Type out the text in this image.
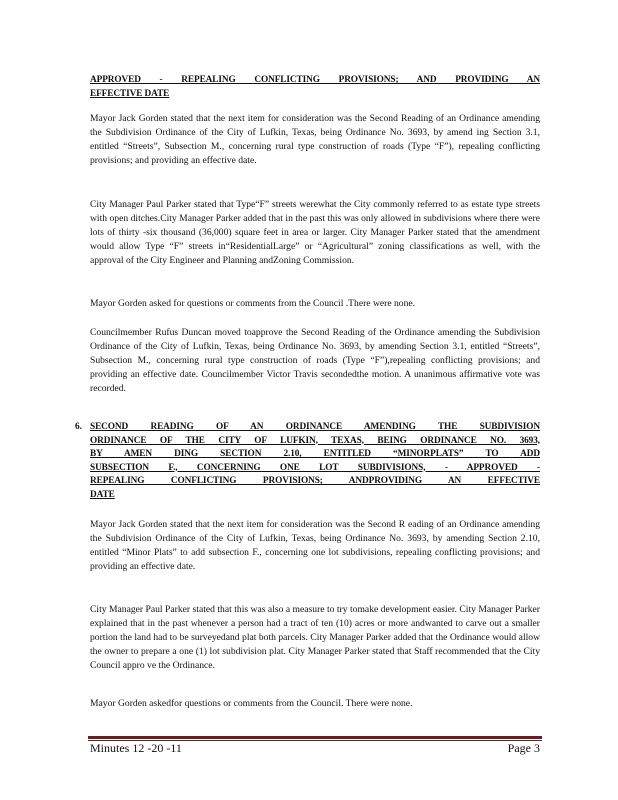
APPROVED - REPEALING CONFLICTING PROVISIONS; AND PROVIDING AN
EFFECTIVE DATE
Mayor Jack Gorden stated that the next item for consideration was the Second Reading of an Ordinance amending the Subdivision Ordinance of the City of Lufkin, Texas, being Ordinance No. 3693, by amend ing Section 3.1, entitled “Streets”, Subsection M., concerning rural type construction of roads (Type “F”), repealing conflicting provisions; and providing an effective date.
City Manager Paul Parker stated that Type“F” streets werewhat the City commonly referred to as estate type streets with open ditches.City Manager Parker added that in the past this was only allowed in subdivisions where there were lots of thirty -six thousand (36,000) square feet in area or larger. City Manager Parker stated that the amendment would allow Type “F” streets in“ResidentialLarge” or “Agricultural” zoning classifications as well, with the approval of the City Engineer and Planning andZoning Commission.
Mayor Gorden asked for questions or comments from the Council .There were none.
Councilmember Rufus Duncan moved toapprove the Second Reading of the Ordinance amending the Subdivision Ordinance of the City of Lufkin, Texas, being Ordinance No. 3693, by amending Section 3.1, entitled “Streets”, Subsection M., concerning rural type construction of roads (Type “F”),repealing conflicting provisions; and providing an effective date. Councilmember Victor Travis secondedthe motion. A unanimous affirmative vote was recorded.
6. SECOND READING OF AN ORDINANCE AMENDING THE SUBDIVISION
ORDINANCE OF THE CITY OF LUFKIN, TEXAS, BEING ORDINANCE NO. 3693,
BY AMEN DING SECTION 2.10, ENTITLED “MINORPLATS” TO ADD
SUBSECTION F., CONCERNING ONE LOT SUBDIVISIONS, - APPROVED -
REPEALING CONFLICTING PROVISIONS; ANDPROVIDING AN EFFECTIVE
DATE
Mayor Jack Gorden stated that the next item for consideration was the Second R eading of an Ordinance amending the Subdivision Ordinance of the City of Lufkin, Texas, being Ordinance No. 3693, by amending Section 2.10, entitled “Minor Plats” to add subsection F., concerning one lot subdivisions, repealing conflicting provisions; and providing an effective date.
City Manager Paul Parker stated that this was also a measure to try tomake development easier. City Manager Parker explained that in the past whenever a person had a tract of ten (10) acres or more andwanted to carve out a smaller portion the land had to be surveyedand plat both parcels. City Manager Parker added that the Ordinance would allow the owner to prepare a one (1) lot subdivision plat. City Manager Parker stated that Staff recommended that the City Council appro ve the Ordinance.
Mayor Gorden askedfor questions or comments from the Council. There were none.
Minutes 12 -20 -11	Page 3
